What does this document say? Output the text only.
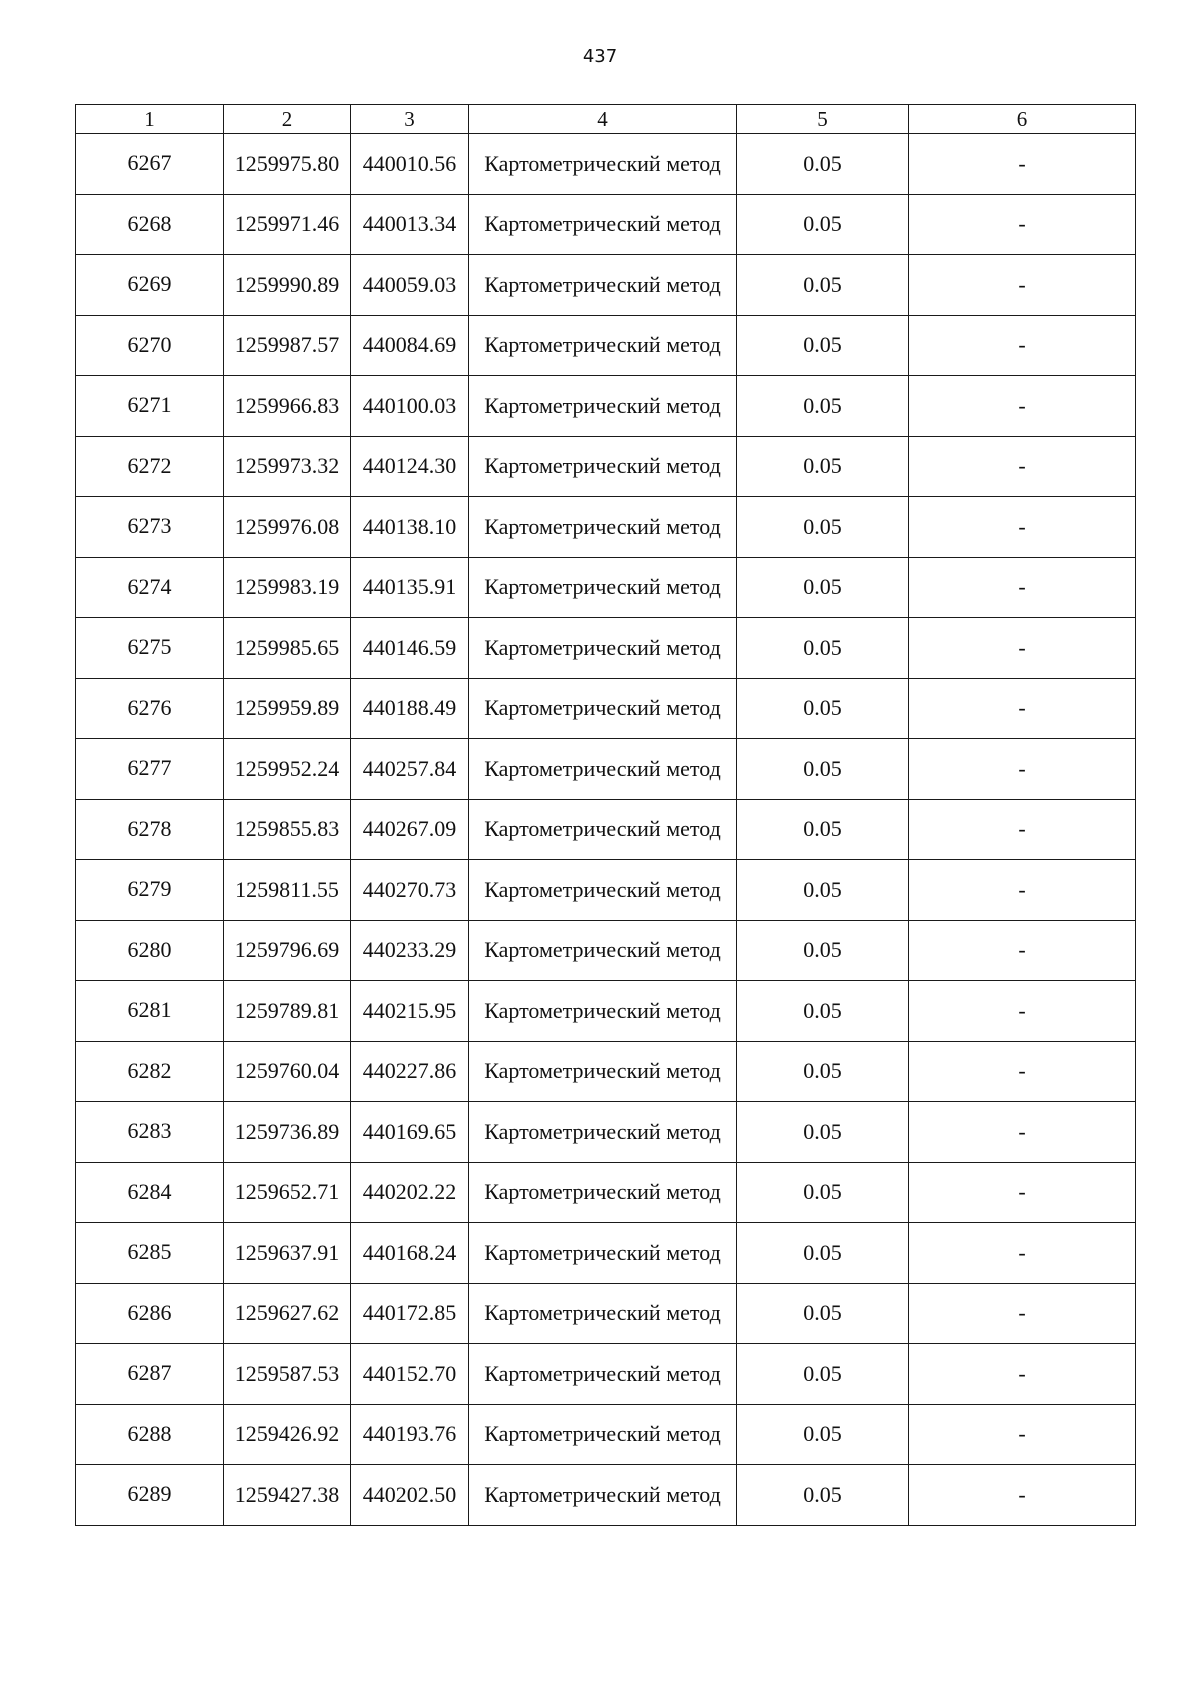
437
1	2	3	4	5	6
6267	1259975.80	440010.56	Картометрический метод	0.05	-
6268	1259971.46	440013.34	Картометрический метод	0.05	-
6269	1259990.89	440059.03	Картометрический метод	0.05	-
6270	1259987.57	440084.69	Картометрический метод	0.05	-
6271	1259966.83	440100.03	Картометрический метод	0.05	-
6272	1259973.32	440124.30	Картометрический метод	0.05	-
6273	1259976.08	440138.10	Картометрический метод	0.05	-
6274	1259983.19	440135.91	Картометрический метод	0.05	-
6275	1259985.65	440146.59	Картометрический метод	0.05	-
6276	1259959.89	440188.49	Картометрический метод	0.05	-
6277	1259952.24	440257.84	Картометрический метод	0.05	-
6278	1259855.83	440267.09	Картометрический метод	0.05	-
6279	1259811.55	440270.73	Картометрический метод	0.05	-
6280	1259796.69	440233.29	Картометрический метод	0.05	-
6281	1259789.81	440215.95	Картометрический метод	0.05	-
6282	1259760.04	440227.86	Картометрический метод	0.05	-
6283	1259736.89	440169.65	Картометрический метод	0.05	-
6284	1259652.71	440202.22	Картометрический метод	0.05	-
6285	1259637.91	440168.24	Картометрический метод	0.05	-
6286	1259627.62	440172.85	Картометрический метод	0.05	-
6287	1259587.53	440152.70	Картометрический метод	0.05	-
6288	1259426.92	440193.76	Картометрический метод	0.05	-
6289	1259427.38	440202.50	Картометрический метод	0.05	-
